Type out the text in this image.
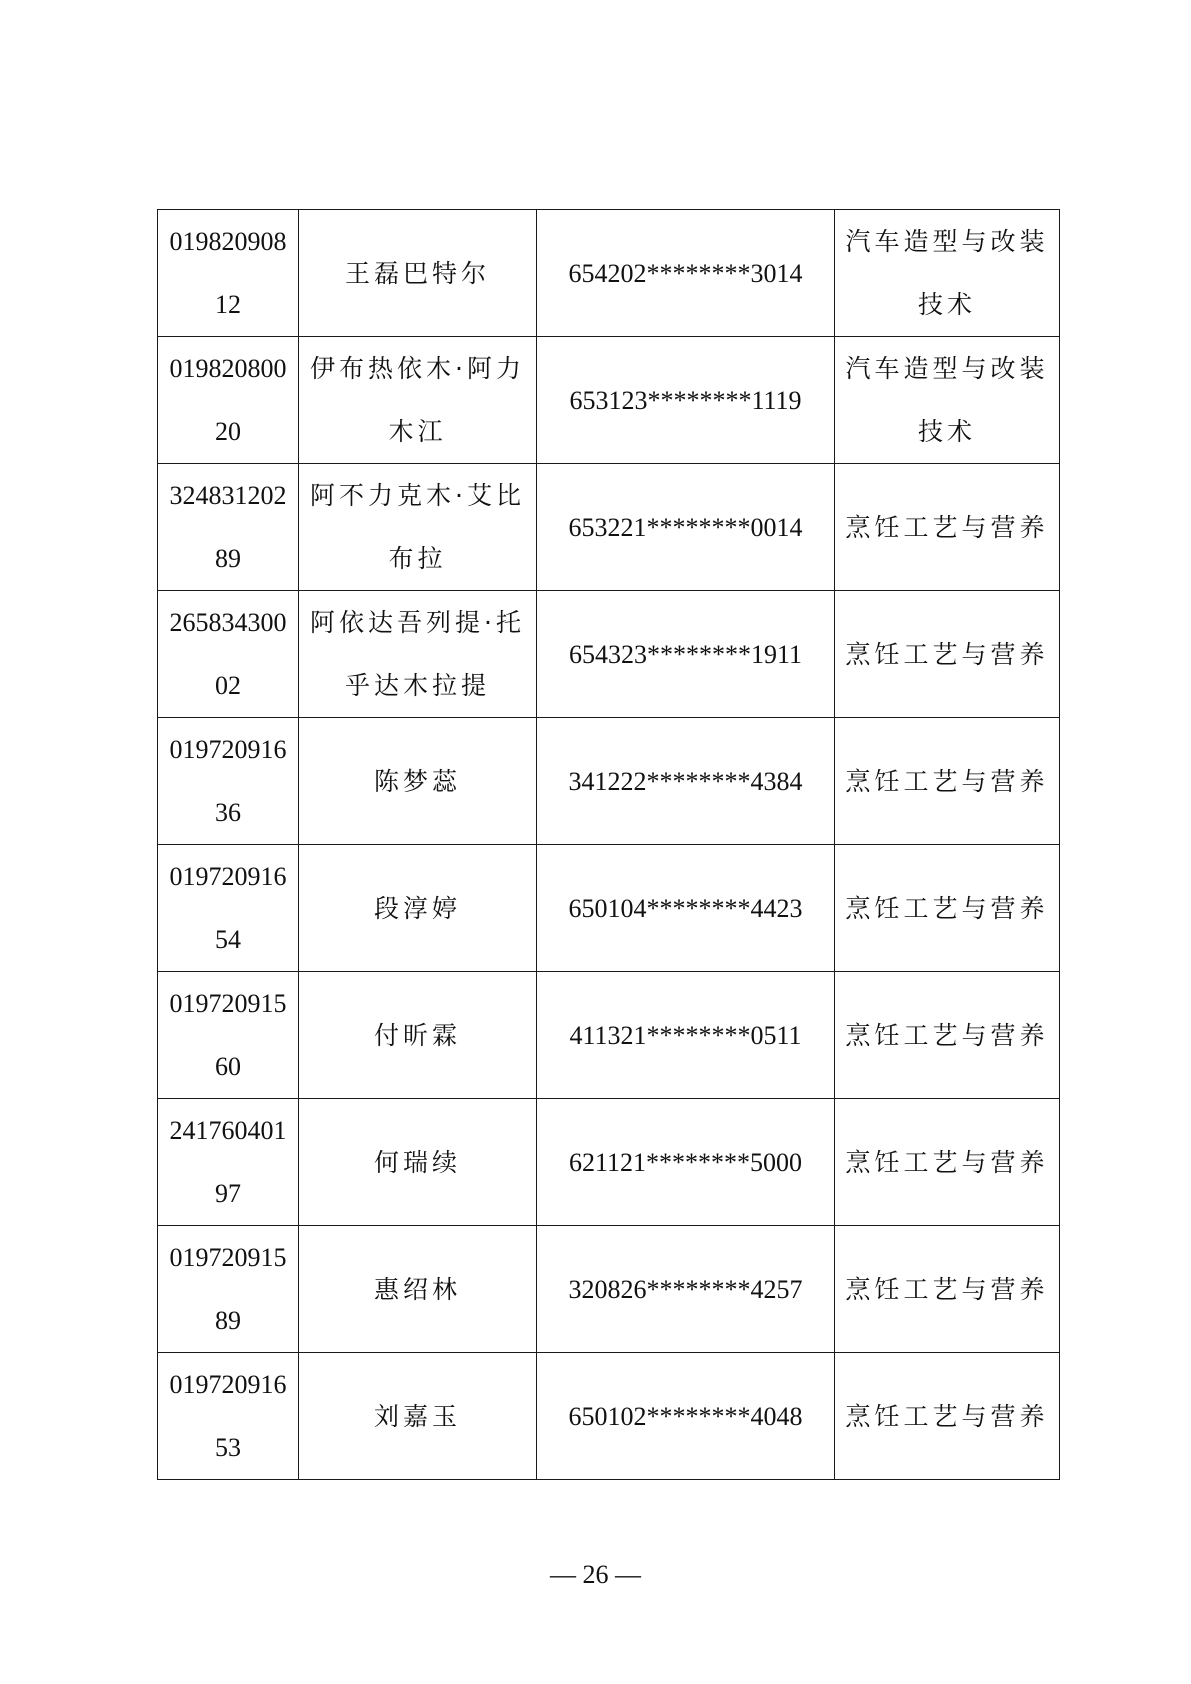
01982090812	王磊巴特尔	654202********3014	汽车造型与改装技术

01982080020	伊布热依木·阿力木江	653123********1119	汽车造型与改装技术

32483120289	阿不力克木·艾比布拉	653221********0014	烹饪工艺与营养

26583430002	阿依达吾列提·托乎达木拉提	654323********1911	烹饪工艺与营养

01972091636	陈梦蕊	341222********4384	烹饪工艺与营养

01972091654	段淳婷	650104********4423	烹饪工艺与营养

01972091560	付昕霖	411321********0511	烹饪工艺与营养

24176040197	何瑞续	621121********5000	烹饪工艺与营养

01972091589	惠绍林	320826********4257	烹饪工艺与营养

01972091653	刘嘉玉	650102********4048	烹饪工艺与营养
— 26 —
